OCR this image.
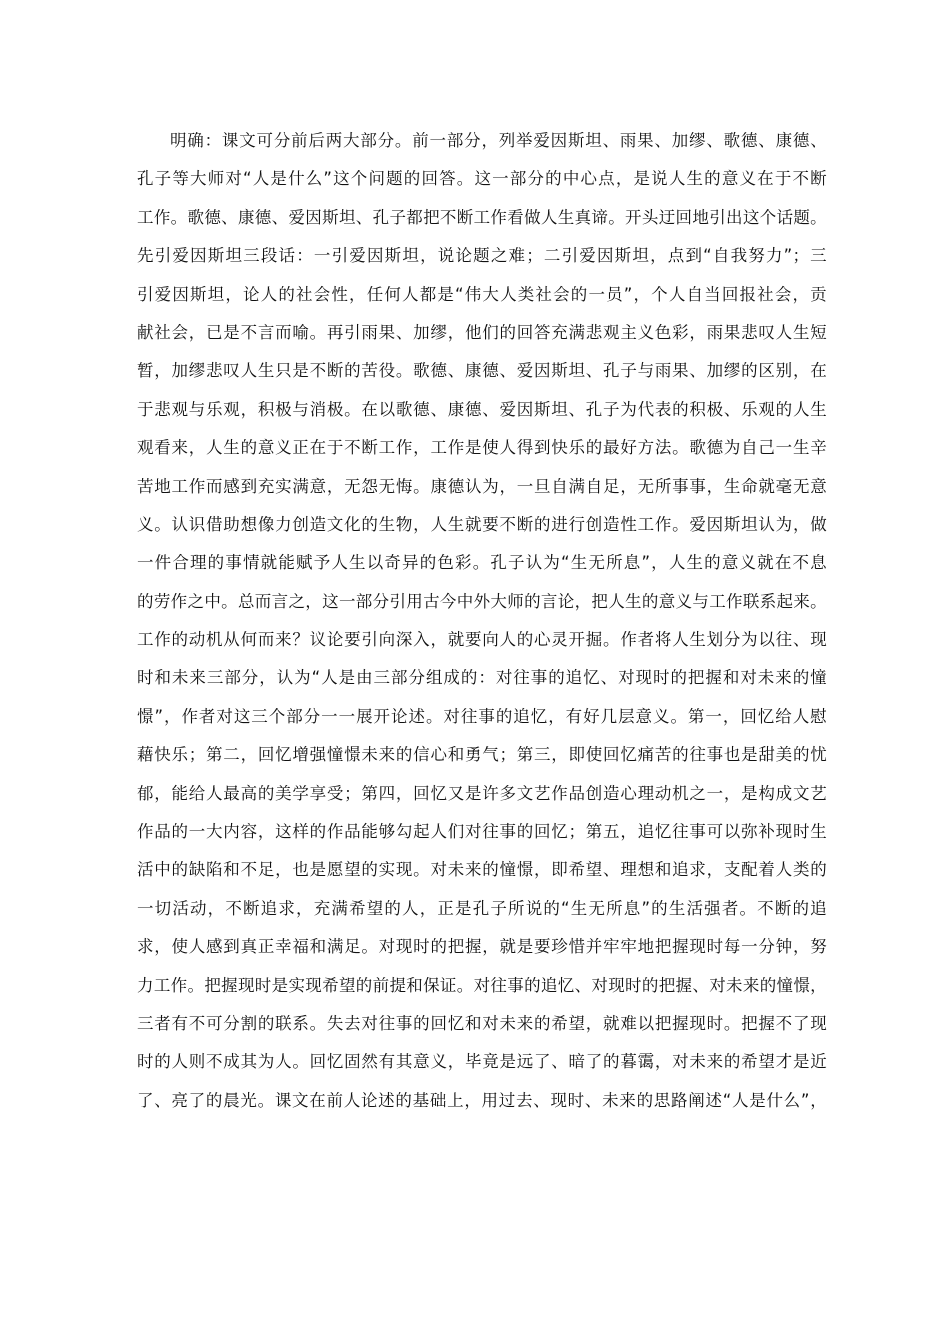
明确：课文可分前后两大部分。前一部分，列举爱因斯坦、雨果、加缪、歌德、康德、
孔子等大师对“人是什么”这个问题的回答。这一部分的中心点，是说人生的意义在于不断
工作。歌德、康德、爱因斯坦、孔子都把不断工作看做人生真谛。开头迂回地引出这个话题。
先引爱因斯坦三段话：一引爱因斯坦，说论题之难；二引爱因斯坦，点到“自我努力”；三
引爱因斯坦，论人的社会性，任何人都是“伟大人类社会的一员”，个人自当回报社会，贡
献社会，已是不言而喻。再引雨果、加缪，他们的回答充满悲观主义色彩，雨果悲叹人生短
暂，加缪悲叹人生只是不断的苦役。歌德、康德、爱因斯坦、孔子与雨果、加缪的区别，在
于悲观与乐观，积极与消极。在以歌德、康德、爱因斯坦、孔子为代表的积极、乐观的人生
观看来，人生的意义正在于不断工作，工作是使人得到快乐的最好方法。歌德为自己一生辛
苦地工作而感到充实满意，无怨无悔。康德认为，一旦自满自足，无所事事，生命就毫无意
义。认识借助想像力创造文化的生物，人生就要不断的进行创造性工作。爱因斯坦认为，做
一件合理的事情就能赋予人生以奇异的色彩。孔子认为“生无所息”，人生的意义就在不息
的劳作之中。总而言之，这一部分引用古今中外大师的言论，把人生的意义与工作联系起来。
工作的动机从何而来？议论要引向深入，就要向人的心灵开掘。作者将人生划分为以往、现
时和未来三部分，认为“人是由三部分组成的：对往事的追忆、对现时的把握和对未来的憧
憬”，作者对这三个部分一一展开论述。对往事的追忆，有好几层意义。第一，回忆给人慰
藉快乐；第二，回忆增强憧憬未来的信心和勇气；第三，即使回忆痛苦的往事也是甜美的忧
郁，能给人最高的美学享受；第四，回忆又是许多文艺作品创造心理动机之一，是构成文艺
作品的一大内容，这样的作品能够勾起人们对往事的回忆；第五，追忆往事可以弥补现时生
活中的缺陷和不足，也是愿望的实现。对未来的憧憬，即希望、理想和追求，支配着人类的
一切活动，不断追求，充满希望的人，正是孔子所说的“生无所息”的生活强者。不断的追
求，使人感到真正幸福和满足。对现时的把握，就是要珍惜并牢牢地把握现时每一分钟，努
力工作。把握现时是实现希望的前提和保证。对往事的追忆、对现时的把握、对未来的憧憬，
三者有不可分割的联系。失去对往事的回忆和对未来的希望，就难以把握现时。把握不了现
时的人则不成其为人。回忆固然有其意义，毕竟是远了、暗了的暮霭，对未来的希望才是近
了、亮了的晨光。课文在前人论述的基础上，用过去、现时、未来的思路阐述“人是什么”，
